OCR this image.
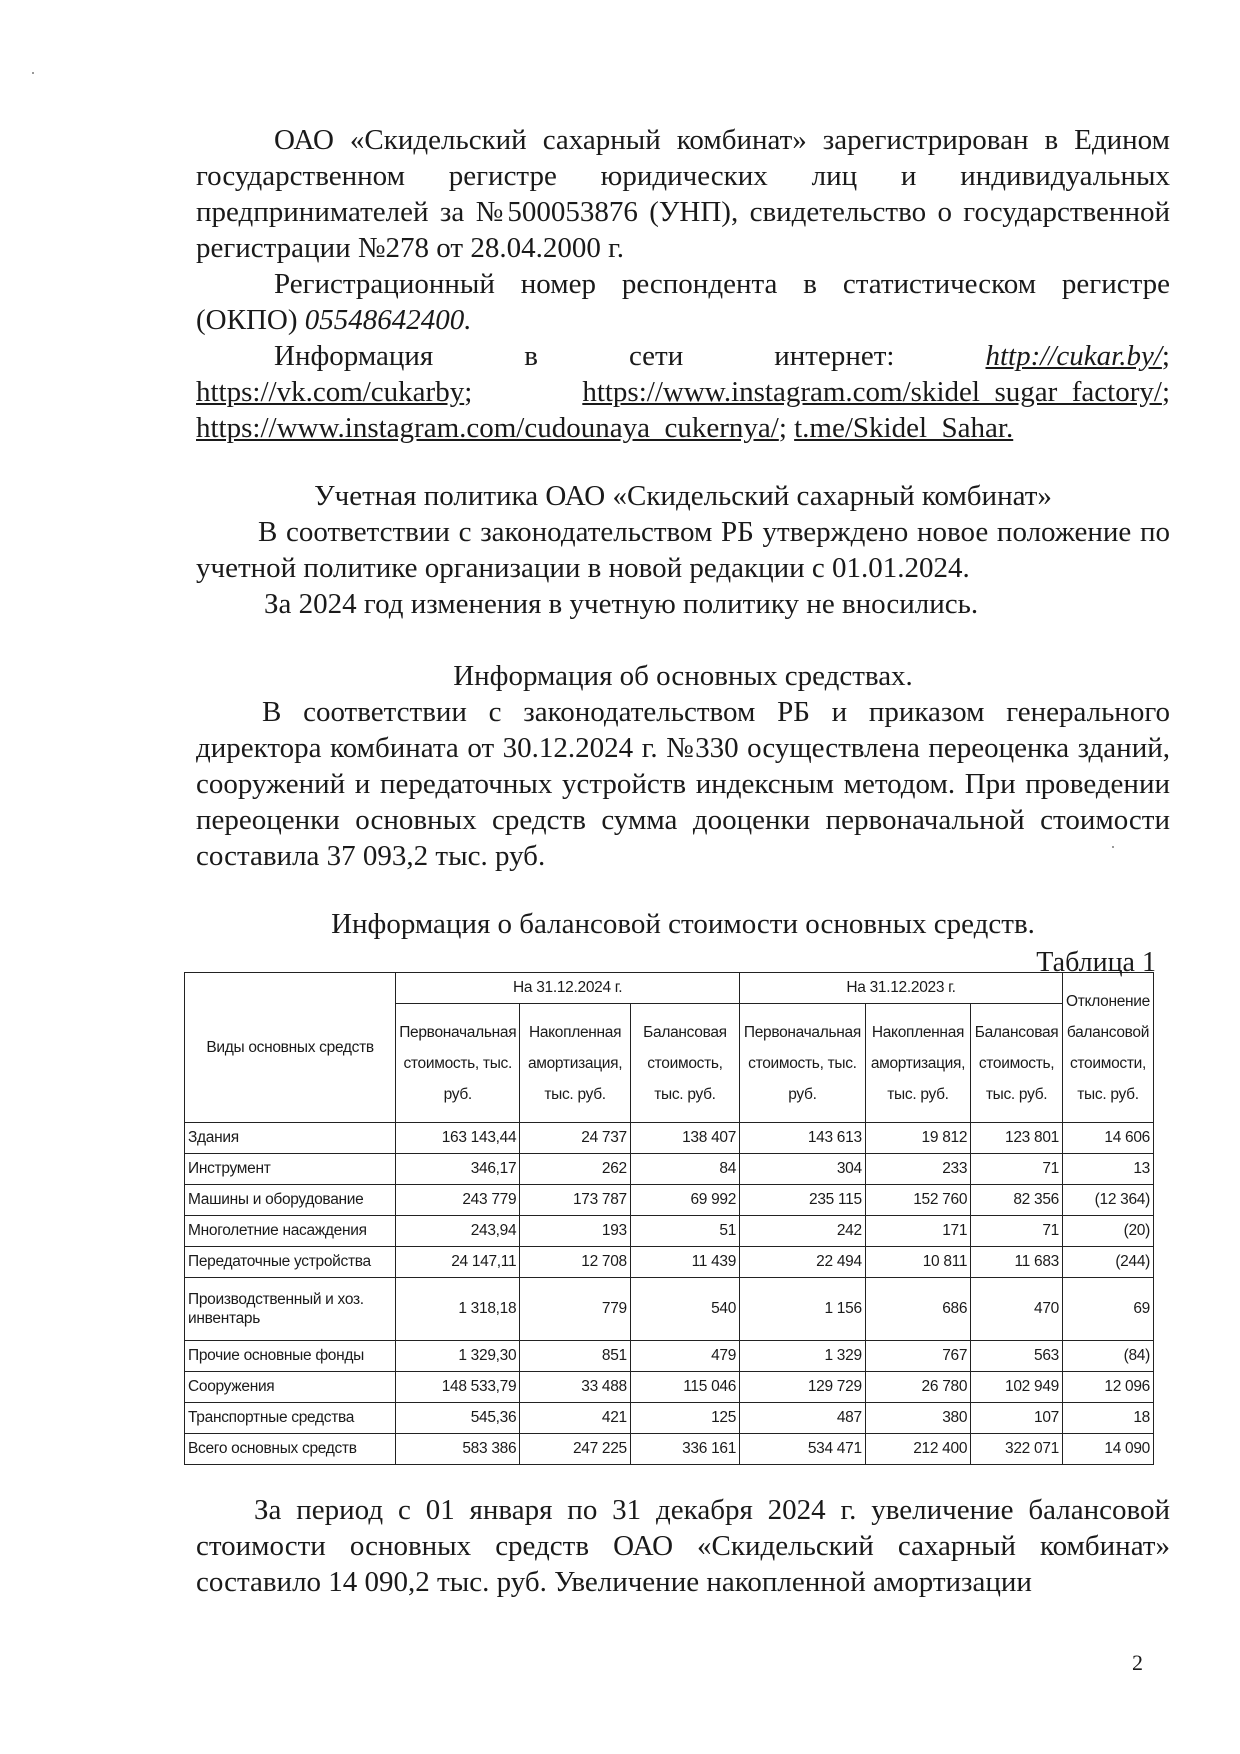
ОАО «Скидельский сахарный комбинат» зарегистрирован в Едином государственном регистре юридических лиц и индивидуальных предпринимателей за №500053876 (УНП), свидетельство о государственной регистрации №278 от 28.04.2000 г.

Регистрационный номер респондента в статистическом регистре (ОКПО) 05548642400.

Информация	в	сети	интернет:	http://cukar.by/;
https://vk.com/cukarby;	https://www.instagram.com/skidel_sugar_factory/;
https://www.instagram.com/cudounaya_cukernya/; t.me/Skidel_Sahar.

Учетная политика ОАО «Скидельский сахарный комбинат»

В соответствии с законодательством РБ утверждено новое положение по учетной политике организации в новой редакции с 01.01.2024.

За 2024 год изменения в учетную политику не вносились.

Информация об основных средствах.

В соответствии с законодательством РБ и приказом генерального директора комбината от 30.12.2024 г. №330 осуществлена переоценка зданий, сооружений и передаточных устройств индексным методом. При проведении переоценки основных средств сумма дооценки первоначальной стоимости составила 37 093,2 тыс. руб.

Информация о балансовой стоимости основных средств.

Таблица 1
Виды основных средств	На 31.12.2024 г.			На 31.12.2023 г.			Отклонение балансовой стоимости, тыс. руб.
	Первоначальная стоимость, тыс. руб.	Накопленная амортизация, тыс. руб.	Балансовая стоимость, тыс. руб.	Первоначальная стоимость, тыс. руб.	Накопленная амортизация, тыс. руб.	Балансовая стоимость, тыс. руб.	
Здания	163 143,44	24 737	138 407	143 613	19 812	123 801	14 606
Инструмент	346,17	262	84	304	233	71	13
Машины и оборудование	243 779	173 787	69 992	235 115	152 760	82 356	(12 364)
Многолетние насаждения	243,94	193	51	242	171	71	(20)
Передаточные устройства	24 147,11	12 708	11 439	22 494	10 811	11 683	(244)
Производственный и хоз. инвентарь	1 318,18	779	540	1 156	686	470	69
Прочие основные фонды	1 329,30	851	479	1 329	767	563	(84)
Сооружения	148 533,79	33 488	115 046	129 729	26 780	102 949	12 096
Транспортные средства	545,36	421	125	487	380	107	18
Всего основных средств	583 386	247 225	336 161	534 471	212 400	322 071	14 090

За период с 01 января по 31 декабря 2024 г. увеличение балансовой стоимости основных средств ОАО «Скидельский сахарный комбинат» составило 14 090,2 тыс. руб. Увеличение накопленной амортизации

2
